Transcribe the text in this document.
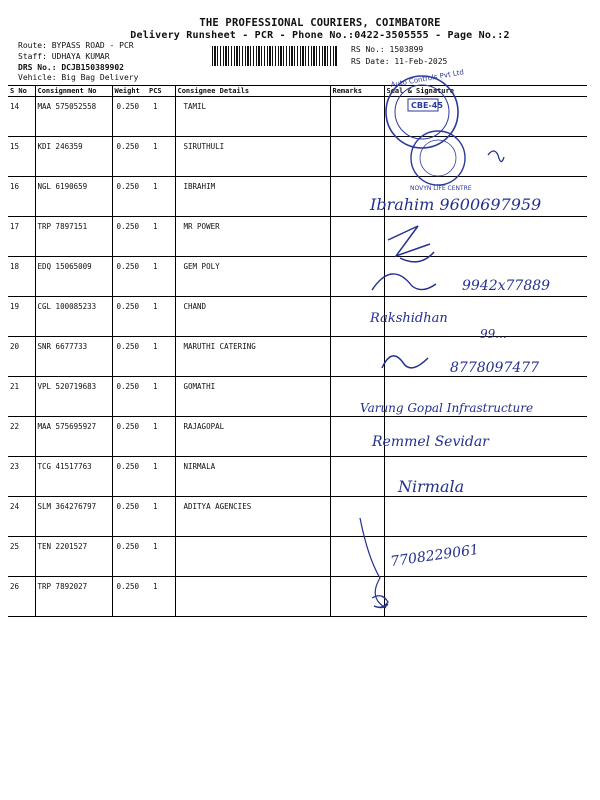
THE PROFESSIONAL COURIERS, COIMBATORE
Delivery Runsheet - PCR - Phone No.:0422-3505555 - Page No.:2
Route: BYPASS ROAD - PCR
Staff: UDHAYA KUMAR
DRS No.: DCJB150389902
Vehicle: Big Bag Delivery
RS No.: 1503899
RS Date: 11-Feb-2025
S No	Consignment No	Weight	PCS	Consignee Details	Remarks	Seal & Signature
14	MAA 575052558	0.250	1	TAMIL		
15	KDI 246359	0.250	1	SIRUTHULI		
16	NGL 6190659	0.250	1	IBRAHIM		
17	TRP 7897151	0.250	1	MR POWER		
18	EDQ 15065009	0.250	1	GEM POLY		
19	CGL 100085233	0.250	1	CHAND		
20	SNR 6677733	0.250	1	MARUTHI CATERING		
21	VPL 520719683	0.250	1	GOMATHI		
22	MAA 575695927	0.250	1	RAJAGOPAL		
23	TCG 41517763	0.250	1	NIRMALA		
24	SLM 364276797	0.250	1	ADITYA AGENCIES		
25	TEN 2201527	0.250	1			
26	TRP 7892027	0.250	1			
CBE-45
Auto Controls Pvt Ltd
NOVYN LIFE CENTRE
Ibrahim 9600697959
9942x77889
Rakshidhan
99...
8778097477
Varung Gopal Infrastructure
Remmel Sevidar
Nirmala
7708229061
